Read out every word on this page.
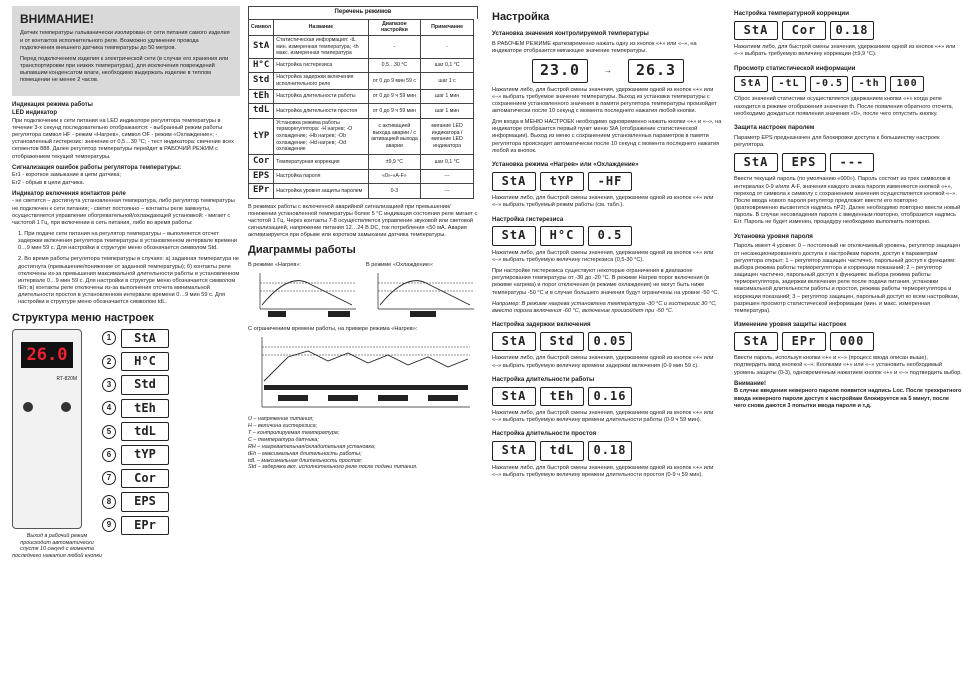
ВНИМАНИЕ!
Датчик температуры гальванически изолирован от сети питания самого изделия и от контактов исполнительного реле. Возможно удлинение провода подключения внешнего датчика температуры до 50 метров.
Перед подключением изделия к электрической сети (в случае его хранения или транспортировки при низких температурах), для исключения повреждений выпавшим конденсатом влаги, необходимо выдержать изделие в теплом помещении не менее 2 часов.
Индикация режима работы
LED индикатор
При подключении к сети питания на LED индикаторе регулятора температуры в течение 3-х секунд последовательно отображаются: - выбранный режим работы регулятора символ HF - режим «Нагрев», символ OF - режим «Охлаждение»; - установленный гистерезис: значение от 0,5…30 °С; - тест индикатора: свечение всех сегментов 888. Далее регулятор температуры перейдет в РАБОЧИЙ РЕЖИМ с отображением текущей температуры.
Сигнализация ошибок работы регулятора температуры:
Er1 - короткое замыкание в цепи датчика;
Er2 - обрыв в цепи датчика.
Индикатор включения контактов реле
- не светится – достигнута установленная температура, либо регулятор температуры не подключен к сети питания; - светит постоянно – контакты реле замкнуты, осуществляется управление обогревательной/охлаждающей установкой; - мигает с частотой 1 Гц, при включении в сеть питания, либо во время работы:
1. При подаче сети питания на регулятор температуры – выполняется отсчет задержки включения регулятора температуры в установленном интервале времени 0…9 мин 59 с. Для настройки в структуре меню обозначается символом Std.
2. Во время работы регулятора температуры в случаях: а) заданная температура не достигнута (превышение/понижение от заданной температуры); б) контакты реле отключены из-за превышения максимальной длительности работы в установленном интервале 0…9 мин 59 с. Для настройки в структуре меню обозначается символом tEh; в) контакты реле отключены из-за выполнения отсчета минимальной длительности простоя в установленном интервале времени 0…9 мин 59 с. Для настройки в структуре меню обозначается символом tdL.
Структура меню настроек
26.0
RT-820M
Выход в рабочий режим происходит автоматически спустя 10 секунд с момента последнего нажатия любой кнопки
1	StA
2	H°C
3	Std
4	tEh
5	tdL
6	tYP
7	Cor
8	EPS
9	EPr
Перечень режимов
Символ	Название	Диапазон настройки	Примечание
StA	Статистическая информация: -tL мин. измеренная температура; -th макс. измеренная температура	-	-
H°C	Настройка гистерезиса	0,5…30 °С	шаг 0,1 °С
Std	Настройка задержки включения исполнительного реле	от 0 до 9 мин 59 с	шаг 1 с
tEh	Настройка длительности работы	от 0 до 9 ч 59 мин	шаг 1 мин
tdL	Настройка длительности простоя	от 0 до 9 ч 59 мин	шаг 1 мин
tYP	Установка режима работы терморегулятора: -H нагрев; -O охлаждение; -Hb нагрев; -Ob охлаждение; -Hd нагрев; -Od охлаждение	с активацией выхода аварии / с активацией выхода аварии	мигание LED индикатора / мигание LED индикатора
Cor	Температурная коррекция	±9,9 °С	шаг 0,1 °С
EPS	Настройка пароля	«0»-«A-F»	---
EPr	Настройка уровня защиты паролем	0-3	---
В режимах работы с включенной аварийной сигнализацией при превышении/понижении установленной температуры более 5 °С индикация состояния реле мигает с частотой 1 Гц. Через контакты 7-8 осуществляется управление звуковой или световой сигнализацией, напряжение питания 12…24 В DC, ток потребления <50 мА. Авария активизируется при обрыве или коротком замыкании датчика температуры.
Диаграммы работы
В режиме «Нагрев»:	В режиме «Охлаждение»:
С ограничением времени работы, на примере режима «Нагрев»:
U – напряжение питания;
H – величина гистерезиса;
T – контролируемая температура;
C – температура датчика;
RH – нагревательная/охладительная установка;
tEh – максимальная длительность работы;
tdL – максимальная длительность простоя;
Std – задержка вкл. исполнительного реле после подачи питания.
Настройка
Установка значения контролируемой температуры
В РАБОЧЕМ РЕЖИМЕ кратковременно нажать одну из кнопок «+» или «–», на индикаторе отобразится мигающее значение температуры.
23.0	→	26.3
Нажатием либо, для быстрой смены значения, удержанием одной из кнопок «+» или «–» выбрать требуемое значение температуры. Выход из установки температуры с сохранением установленного значения в памяти регулятора температуры произойдет автоматически после 10 секунд с момента последнего нажатия любой кнопки.
Для входа в МЕНЮ НАСТРОЕК необходимо одновременно нажать кнопки «+» и «–», на индикаторе отобразится первый пункт меню StA (отображение статистической информации). Выход из меню с сохранением установленных параметров в памяти регулятора происходит автоматически после 10 секунд с момента последнего нажатия любой из кнопок.
Установка режима «Нагрев» или «Охлаждение»
StA	tYP	-HF
Нажатием либо, для быстрой смены значения, удержанием одной из кнопок «+» или «–» выбрать требуемый режим работы (см. табл.).
Настройка гистерезиса
StA	H°C	0.5
Нажатием либо, для быстрой смены значения, удержанием одной из кнопок «+» или «–» выбрать требуемую величину гистерезиса (0,5-30 °С).
При настройке гистерезиса существуют некоторые ограничения в диапазоне регулирования температуры от -30 до -20 °С. В режиме Нагрев порог включения (в режиме нагрева) и порог отключения (в режиме охлаждения) не могут быть ниже температуры -50 °С и в случае большего значения будут ограничены на уровне -50 °С.
Например: В режиме нагрева установлена температура -30 °С и гистерезис 30 °С, вместо порога включения -60 °С, включение произойдет при -50 °С.
Настройка задержки включения
StA	Std	0.05
Нажатием либо, для быстрой смены значения, удержанием одной из кнопок «+» или «–» выбрать требуемую величину времени задержки включения (0-9 мин 59 с).
Настройка длительности работы
StA	tEh	0.16
Нажатием либо, для быстрой смены значения, удержанием одной из кнопок «+» или «–» выбрать требуемую величину времени длительности работы (0-9 ч 59 мин).
Настройка длительности простоя
StA	tdL	0.18
Нажатием либо, для быстрой смены значения, удержанием одной из кнопок «+» или «–» выбрать требуемую величину времени длительности простоя (0-9 ч 59 мин).
Настройка температурной коррекции
StA	Cor	0.18
Нажатием либо, для быстрой смены значения, удержанием одной из кнопок «+» или «–» выбрать требуемую величину коррекции (±9,9 °С).
Просмотр статистической информации
StA	-tL	-0.5	-th	100
Сброс значений статистики осуществляется удержанием кнопки «+» когда реле находится в режиме отображения значения th. После появления обратного отсчета, необходимо дождаться появления значения «0», после чего отпустить кнопку.
Защита настроек паролем
Параметр EPS предназначен для блокировки доступа к большинству настроек регулятора.
StA	EPS	---
Ввести текущий пароль (по умолчанию «000»). Пароль состоит из трех символов в интервалах 0-9 и/или A-F, значения каждого знака пароля изменяются кнопкой «+», переход от символа к символу с сохранением значения осуществляется кнопкой «–». После ввода нового пароля регулятор предложит ввести его повторно (кратковременно высветится надпись nP2). Далее необходимо повторно ввести новый пароль. В случае несовпадения пароля с введенным повторно, отобразится надпись Err. Пароль не будет изменен, процедуру необходимо выполнить повторно.
Установка уровня пароля
Пароль имеет 4 уровня: 0 – постоянный не отключаемый уровень, регулятор защищен от несанкционированного доступа к настройкам пароля, доступ к параметрам регулятора открыт; 1 – регулятор защищен частично, парольный доступ к функциям: выбора режима работы терморегулятора и коррекции показаний; 2 – регулятор защищен частично, парольный доступ к функциям: выбора режима работы терморегулятора, задержки включения реле после подачи питания, установки максимальной длительности работы и простоя, режима работы терморегулятора и коррекции показаний; 3 – регулятор защищен, парольный доступ ко всем настройкам, разрешен просмотр статистической информации (мин. и макс. измеренная температура).
Изменение уровня защиты настроек
StA	EPr	000
Ввести пароль, используя кнопки «+» и «–» (процесс ввода описан выше), подтвердить ввод кнопкой «–». Кнопками «+» или «–» установить необходимый уровень защиты (0-3), одновременным нажатием кнопок «+» и «–» подтвердить выбор.
Внимание!
В случае введения неверного пароля появится надпись Loc. После трехкратного ввода неверного пароля доступ к настройкам блокируется на 5 минут, после чего снова даются 3 попытки ввода пароля и т.д.
